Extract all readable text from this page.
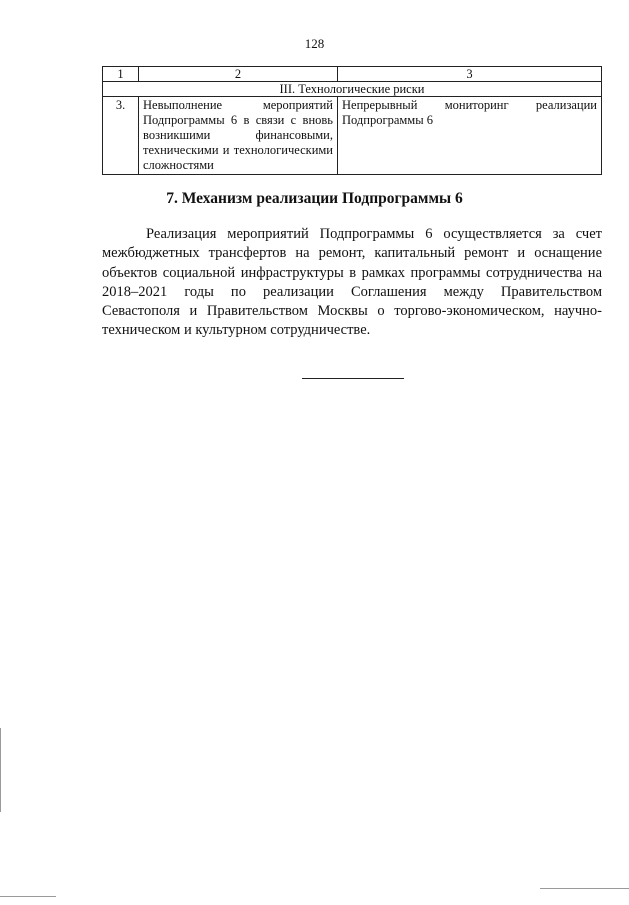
128
1	2	3
III. Технологические риски		
3.	Невыполнение мероприятий Подпрограммы 6 в связи с вновь возникшими финансовыми, техническими и технологическими сложностями	Непрерывный мониторинг реализации Подпрограммы 6
7. Механизм реализации Подпрограммы 6

Реализация мероприятий Подпрограммы 6 осуществляется за счет межбюджетных трансфертов на ремонт, капитальный ремонт и оснащение объектов социальной инфраструктуры в рамках программы сотрудничества на 2018–2021 годы по реализации Соглашения между Правительством Севастополя и Правительством Москвы о торгово-экономическом, научно-техническом и культурном сотрудничестве.
